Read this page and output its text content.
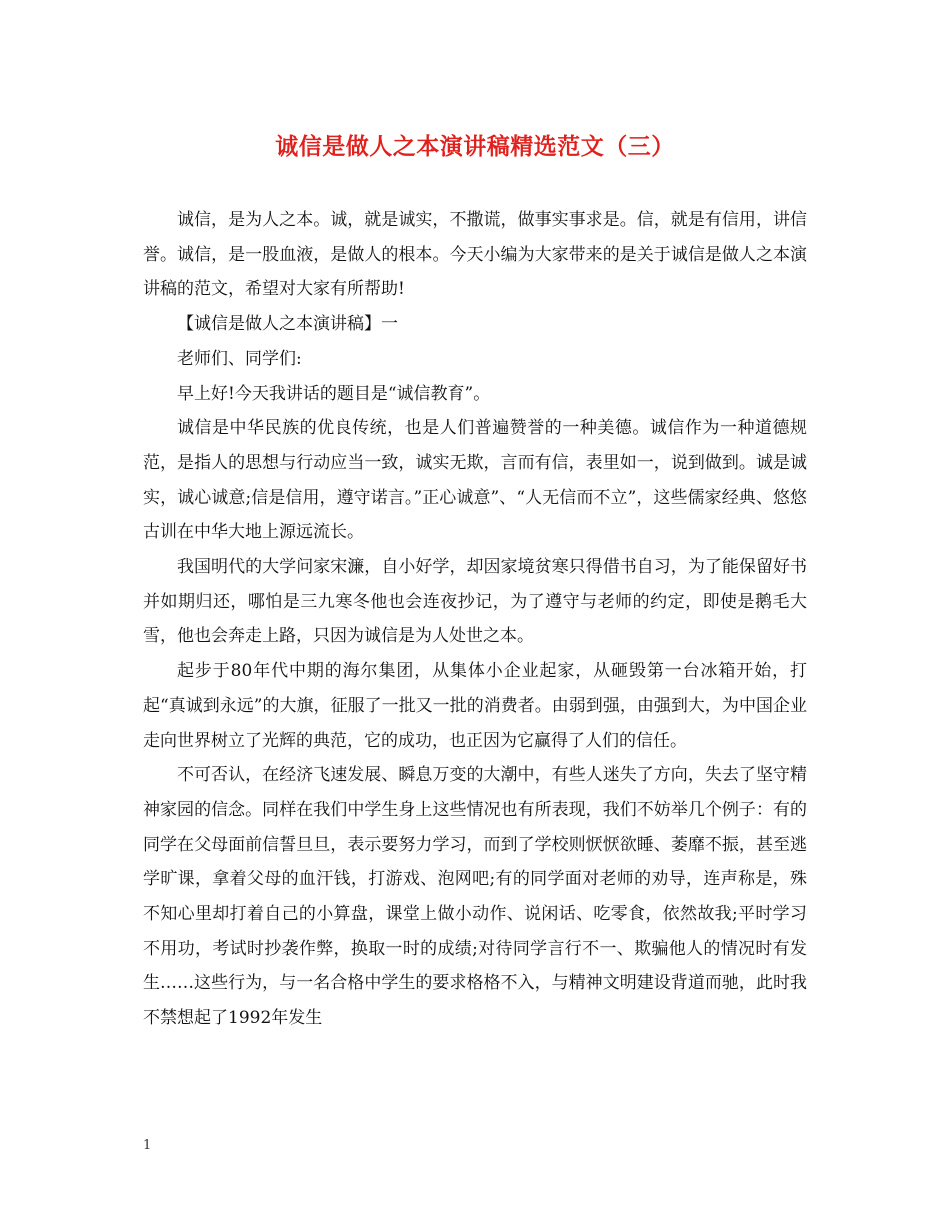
诚信是做人之本演讲稿精选范文（三）

诚信，是为人之本。诚，就是诚实，不撒谎，做事实事求是。信，就是有信用，讲信誉。诚信，是一股血液，是做人的根本。今天小编为大家带来的是关于诚信是做人之本演讲稿的范文，希望对大家有所帮助!

【诚信是做人之本演讲稿】一

老师们、同学们:

早上好!今天我讲话的题目是“诚信教育”。

诚信是中华民族的优良传统，也是人们普遍赞誉的一种美德。诚信作为一种道德规范，是指人的思想与行动应当一致，诚实无欺，言而有信，表里如一，说到做到。诚是诚实，诚心诚意;信是信用，遵守诺言。”正心诚意”、“人无信而不立”，这些儒家经典、悠悠古训在中华大地上源远流长。

我国明代的大学问家宋濂，自小好学，却因家境贫寒只得借书自习，为了能保留好书并如期归还，哪怕是三九寒冬他也会连夜抄记，为了遵守与老师的约定，即使是鹅毛大雪，他也会奔走上路，只因为诚信是为人处世之本。

起步于80年代中期的海尔集团，从集体小企业起家，从砸毁第一台冰箱开始，打起“真诚到永远”的大旗，征服了一批又一批的消费者。由弱到强，由强到大，为中国企业走向世界树立了光辉的典范，它的成功，也正因为它赢得了人们的信任。

不可否认，在经济飞速发展、瞬息万变的大潮中，有些人迷失了方向，失去了坚守精神家园的信念。同样在我们中学生身上这些情况也有所表现，我们不妨举几个例子：有的同学在父母面前信誓旦旦，表示要努力学习，而到了学校则恹恹欲睡、萎靡不振，甚至逃学旷课，拿着父母的血汗钱，打游戏、泡网吧;有的同学面对老师的劝导，连声称是，殊不知心里却打着自己的小算盘，课堂上做小动作、说闲话、吃零食，依然故我;平时学习不用功，考试时抄袭作弊，换取一时的成绩;对待同学言行不一、欺骗他人的情况时有发生……这些行为，与一名合格中学生的要求格格不入，与精神文明建设背道而驰，此时我不禁想起了1992年发生

1
